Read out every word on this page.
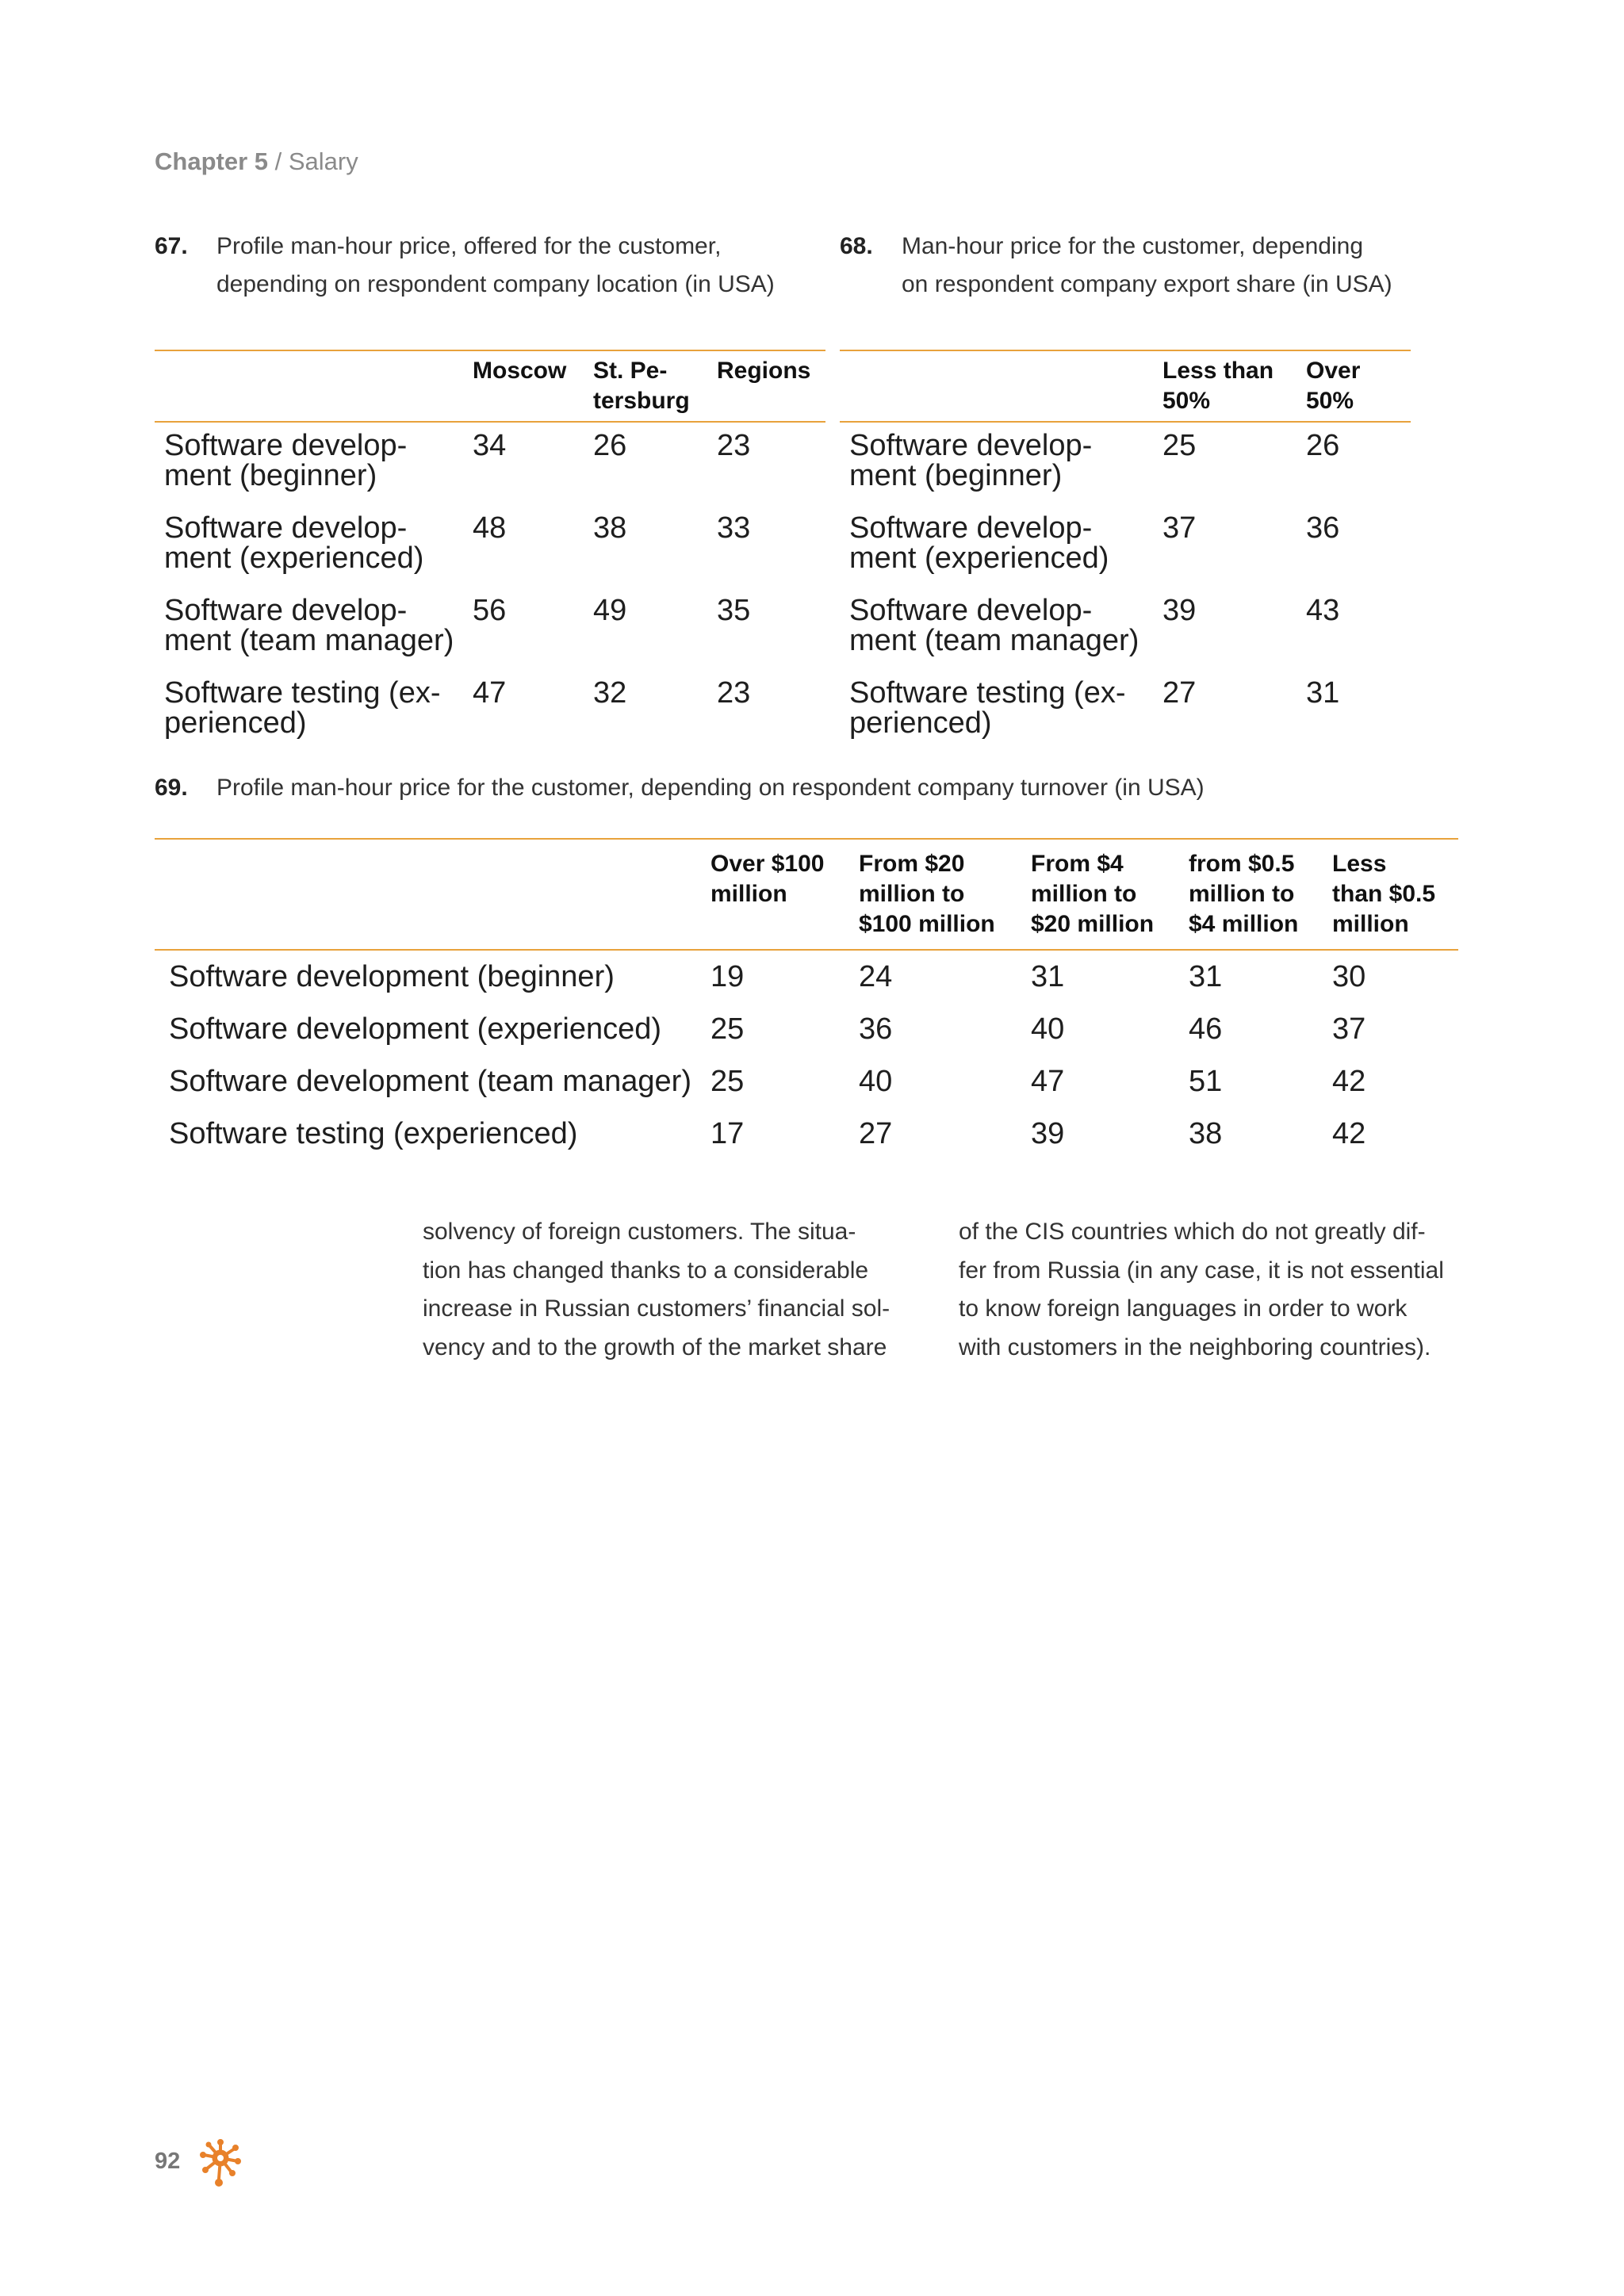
Chapter 5 / Salary
67. Profile man-hour price, offered for the customer,
depending on respondent company location (in USA)
68. Man-hour price for the customer, depending
on respondent company export share (in USA)
	Moscow	St. Pe-
tersburg	Regions
Software develop-
ment (beginner)	34	26	23
Software develop-
ment (experienced)	48	38	33
Software develop-
ment (team manager)	56	49	35
Software testing (ex-
perienced)	47	32	23
	Less than
50%	Over
50%
Software develop-
ment (beginner)	25	26
Software develop-
ment (experienced)	37	36
Software develop-
ment (team manager)	39	43
Software testing (ex-
perienced)	27	31
69. Profile man-hour price for the customer, depending on respondent company turnover (in USA)
	Over $100
million	From $20
million to
$100 million	From $4
million to
$20 million	from $0.5
million to
$4 million	Less
than $0.5
million
Software development (beginner)	19	24	31	31	30
Software development (experienced)	25	36	40	46	37
Software development (team manager)	25	40	47	51	42
Software testing (experienced)	17	27	39	38	42
solvency of foreign customers. The situa-
tion has changed thanks to a considerable
increase in Russian customers’ financial sol-
vency and to the growth of the market share
of the CIS countries which do not greatly dif-
fer from Russia (in any case, it is not essential
to know foreign languages in order to work
with customers in the neighboring countries).
92
